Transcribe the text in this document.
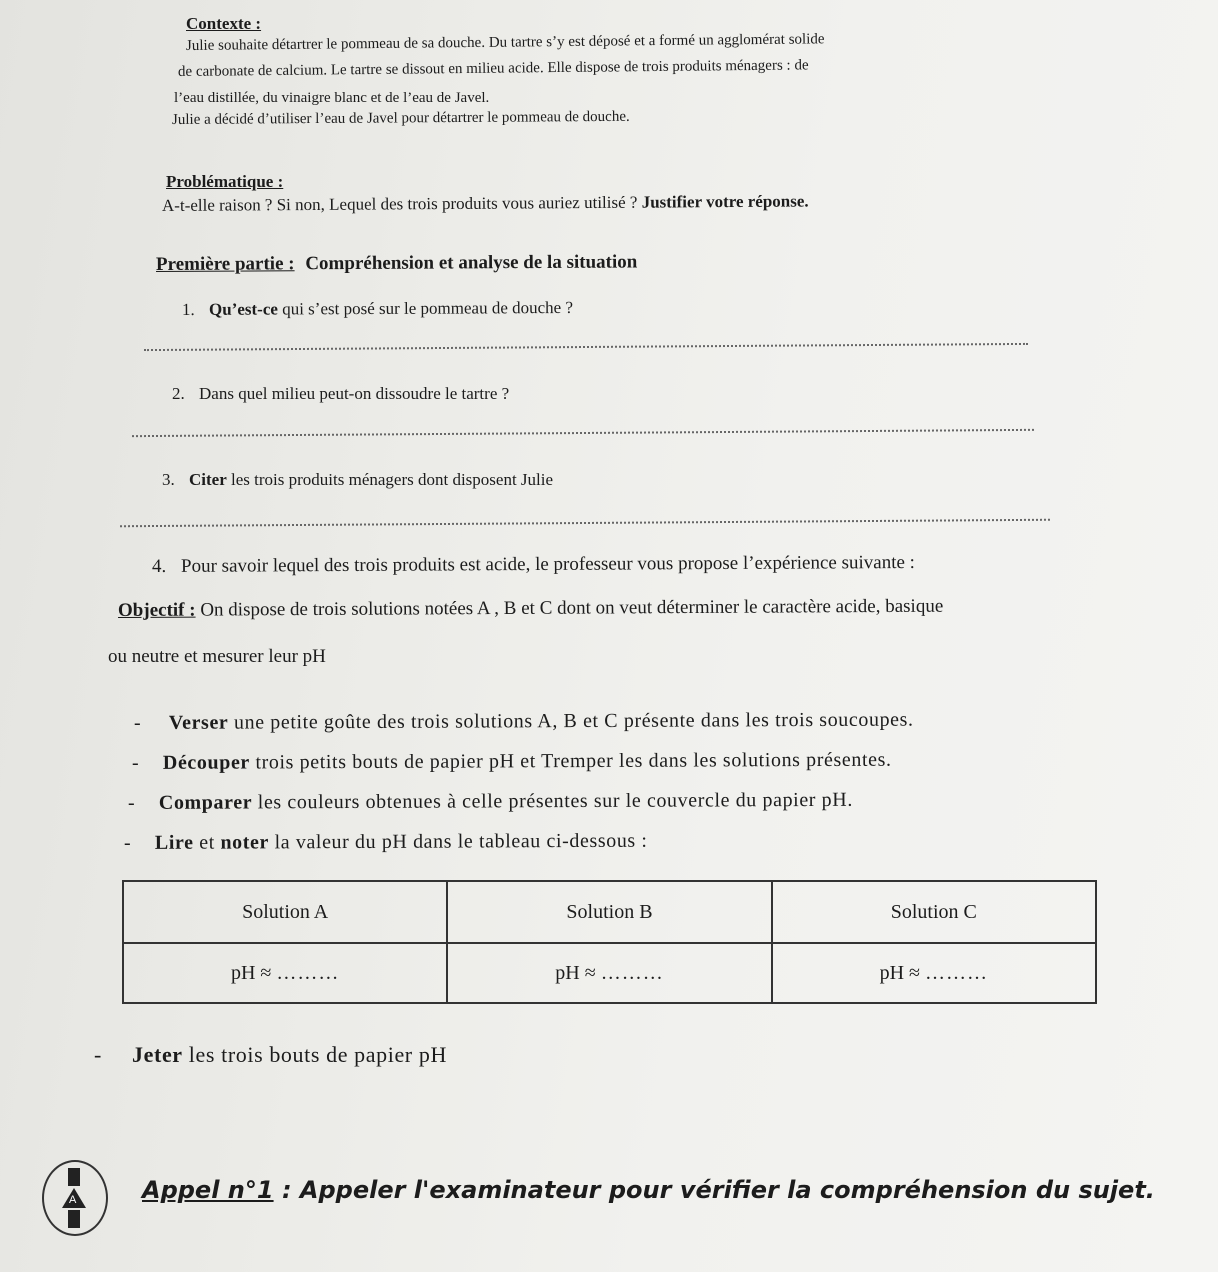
Contexte :
Julie souhaite détartrer le pommeau de sa douche. Du tartre s’y est déposé et a formé un agglomérat solide
de carbonate de calcium. Le tartre se dissout en milieu acide. Elle dispose de trois produits ménagers : de
l’eau distillée, du vinaigre blanc et de l’eau de Javel.
Julie a décidé d’utiliser l’eau de Javel pour détartrer le pommeau de douche.
Problématique :
A-t-elle raison ? Si non, Lequel des trois produits vous auriez utilisé ? Justifier votre réponse.
Première partie : Compréhension et analyse de la situation
1. Qu’est-ce qui s’est posé sur le pommeau de douche ?
2. Dans quel milieu peut-on dissoudre le tartre ?
3. Citer les trois produits ménagers dont disposent Julie
4. Pour savoir lequel des trois produits est acide, le professeur vous propose l’expérience suivante :
Objectif : On dispose de trois solutions notées A , B et C dont on veut déterminer le caractère acide, basique
ou neutre et mesurer leur pH
- Verser une petite goûte des trois solutions A, B et C présente dans les trois soucoupes.
- Découper trois petits bouts de papier pH et Tremper les dans les solutions présentes.
- Comparer les couleurs obtenues à celle présentes sur le couvercle du papier pH.
- Lire et noter la valeur du pH dans le tableau ci-dessous :
Solution A	Solution B	Solution C
pH ≈ ………	pH ≈ ………	pH ≈ ………
- Jeter les trois bouts de papier pH
A	Appel n°1 : Appeler l'examinateur pour vérifier la compréhension du sujet.
